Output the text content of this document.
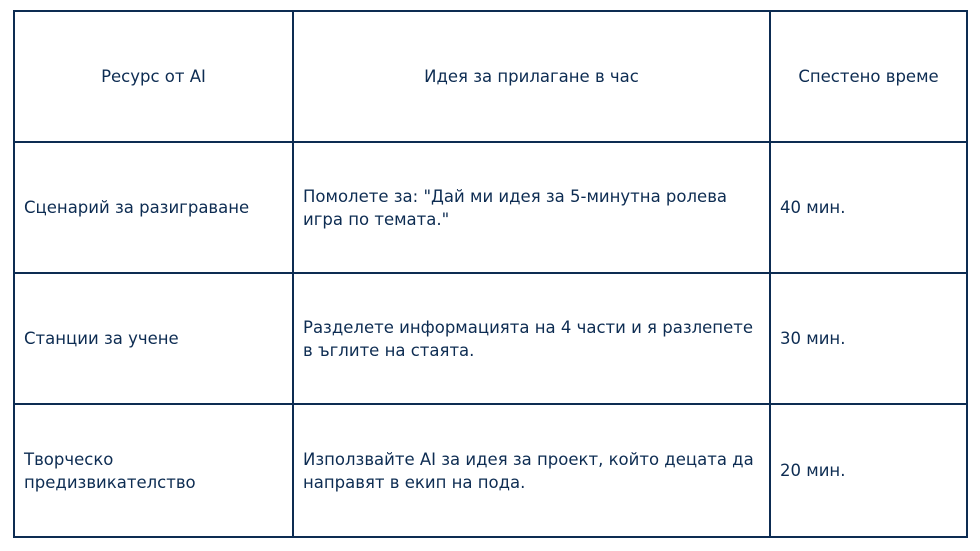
Ресурс от AI	Идея за прилагане в час	Спестено време
Сценарий за разиграване	Помолете за: "Дай ми идея за 5-минутна ролева игра по темата."	40 мин.
Станции за учене	Разделете информацията на 4 части и я разлепете в ъглите на стаята.	30 мин.
Творческо предизвикателство	Използвайте AI за идея за проект, който децата да направят в екип на пода.	20 мин.
